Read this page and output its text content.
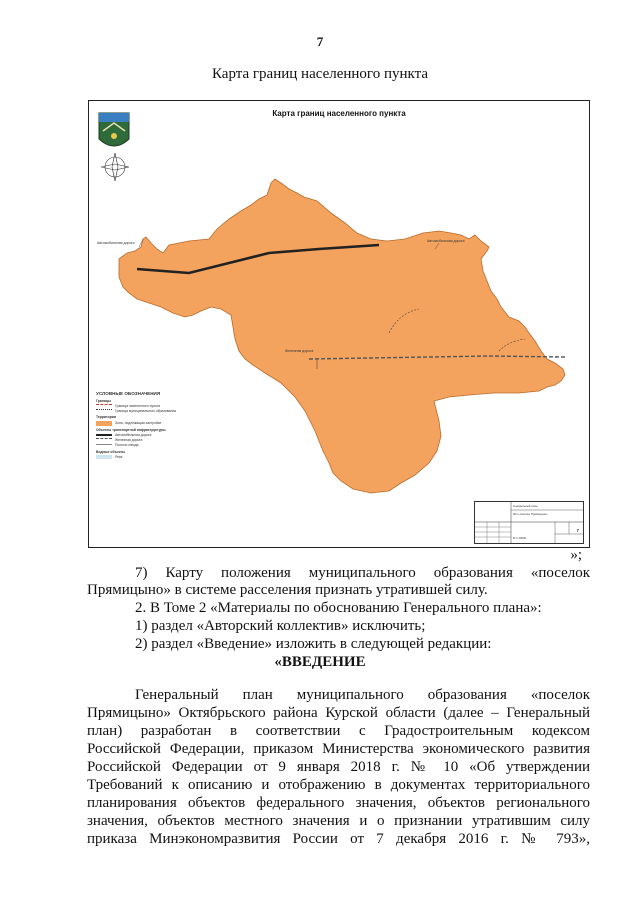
7
Карта границ населенного пункта
Карта границ населенного пункта
Автомобильная дорога	Автомобильная дорога
Железная дорога
УСЛОВНЫЕ ОБОЗНАЧЕНИЯ
Границы
Граница населенного пункта
Граница муниципального образования
Территории
Зона, подлежащая застройке
Объекты транспортной инфраструктуры
Автомобильная дорога
Железная дорога
Полоса отвода
Водные объекты
Река
Генеральный план
МО «поселок Прямицыно»
7
М 1:10000
»;

7) Карту положения муниципального образования «поселок

Прямицыно» в системе расселения признать утратившей силу.

2. В Томе 2 «Материалы по обоснованию Генерального плана»:

1) раздел «Авторский коллектив» исключить;

2) раздел «Введение» изложить в следующей редакции:

«ВВЕДЕНИЕ

Генеральный план муниципального образования «поселок

Прямицыно» Октябрьского района Курской области (далее – Генеральный

план) разработан в соответствии с Градостроительным кодексом

Российской Федерации, приказом Министерства экономического развития

Российской Федерации от 9 января 2018 г. № 10 «Об утверждении

Требований к описанию и отображению в документах территориального

планирования объектов федерального значения, объектов регионального

значения, объектов местного значения и о признании утратившим силу

приказа Минэкономразвития России от 7 декабря 2016 г. № 793»,
